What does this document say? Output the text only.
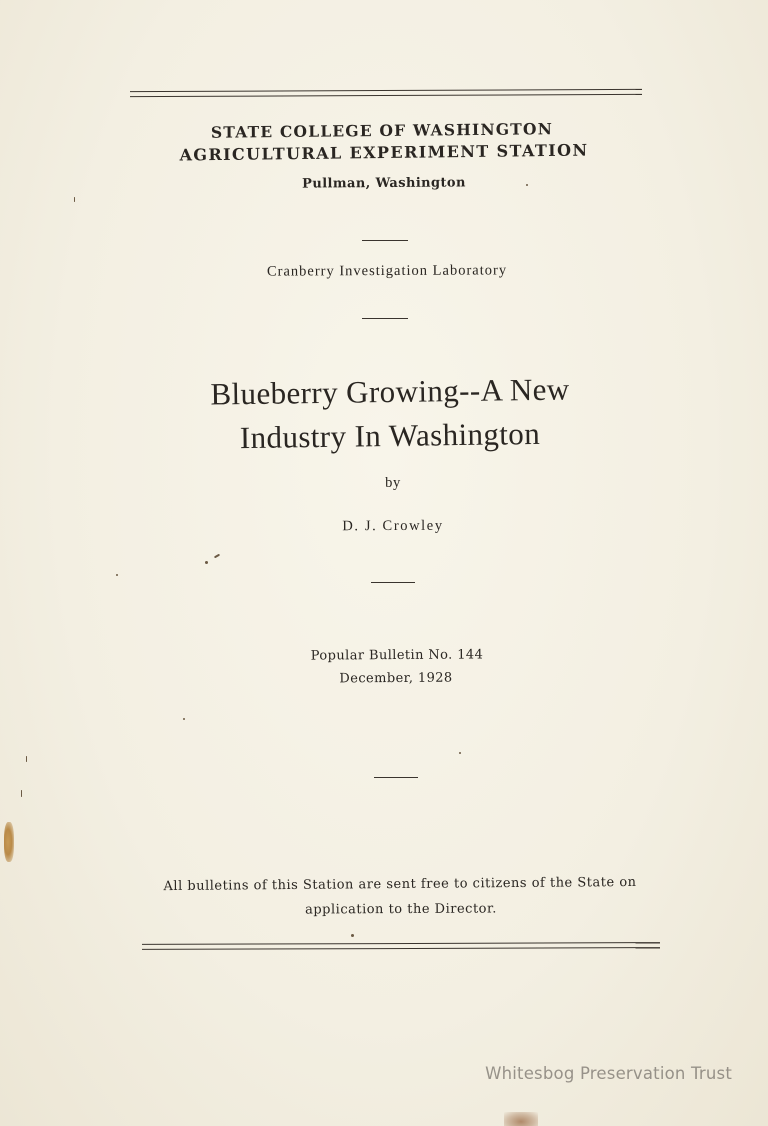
STATE COLLEGE OF WASHINGTON
AGRICULTURAL EXPERIMENT STATION
Pullman, Washington
Cranberry Investigation Laboratory
Blueberry Growing--A New
Industry In Washington
by
D. J. Crowley
Popular Bulletin No. 144
December, 1928
All bulletins of this Station are sent free to citizens of the State on
application to the Director.
Whitesbog Preservation Trust
